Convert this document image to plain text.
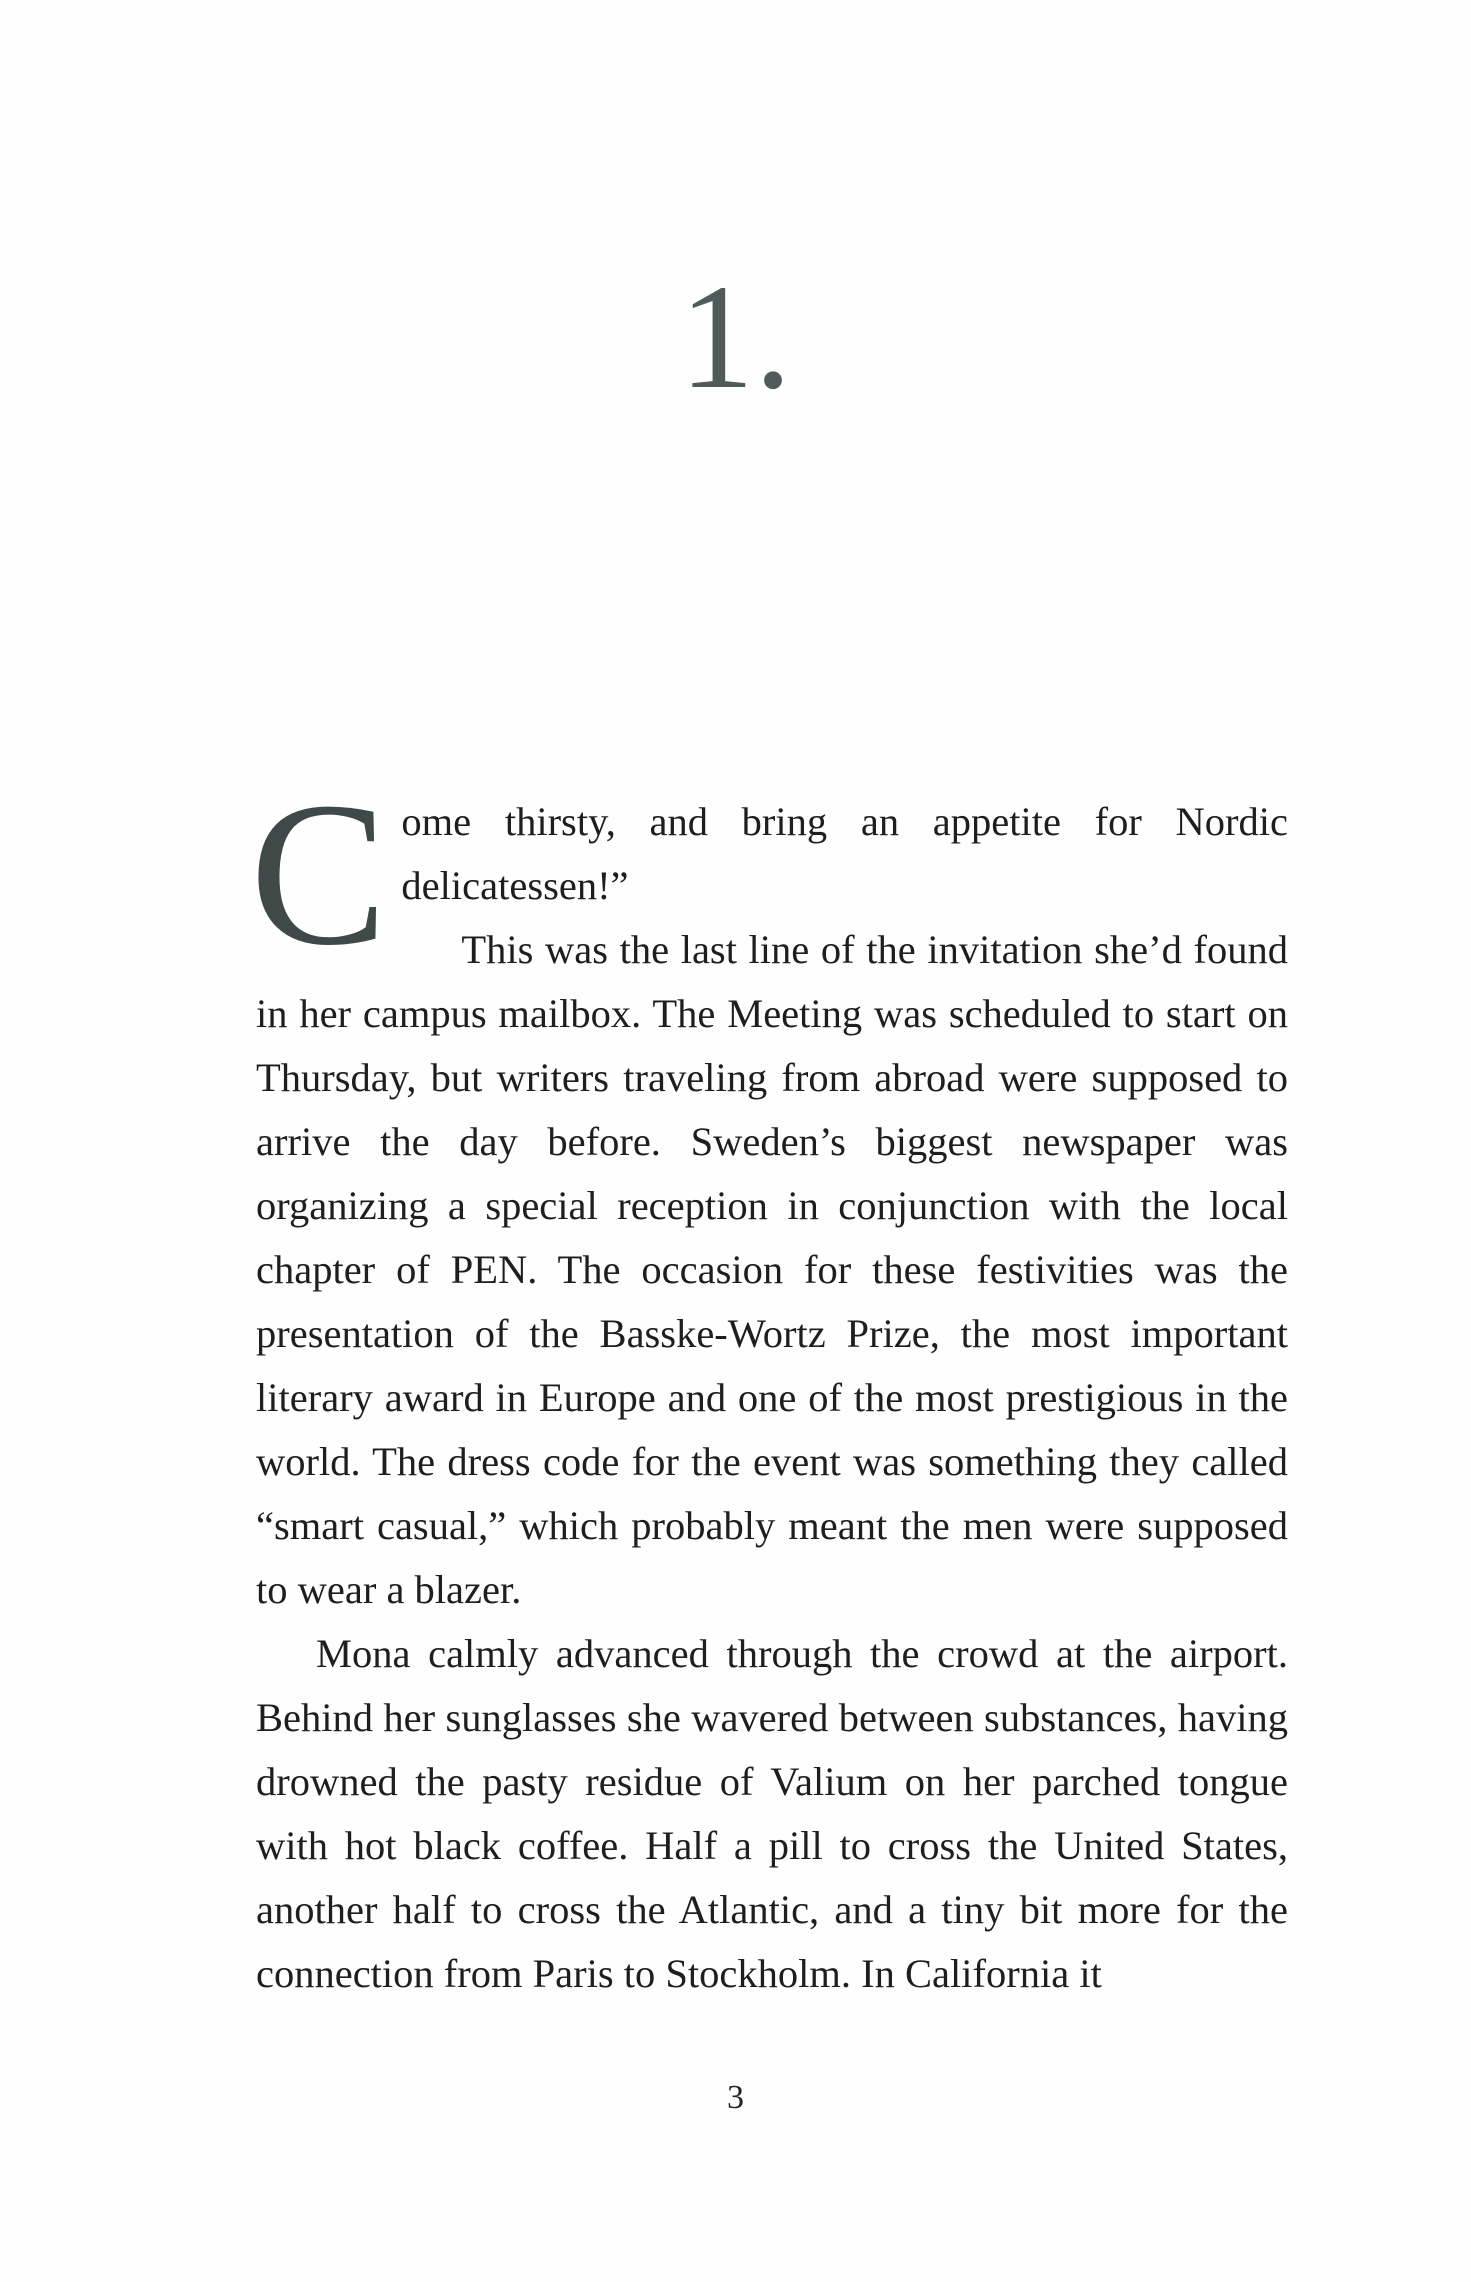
1.

Come thirsty, and bring an appetite for Nordic delicatessen!”

This was the last line of the invitation she’d found in her campus mailbox. The Meeting was scheduled to start on Thursday, but writers traveling from abroad were supposed to arrive the day before. Sweden’s biggest newspaper was organizing a special reception in conjunction with the local chapter of PEN. The occasion for these festivities was the presentation of the Basske-Wortz Prize, the most important literary award in Europe and one of the most prestigious in the world. The dress code for the event was something they called “smart casual,” which probably meant the men were supposed to wear a blazer.

Mona calmly advanced through the crowd at the airport. Behind her sunglasses she wavered between substances, having drowned the pasty residue of Valium on her parched tongue with hot black coffee. Half a pill to cross the United States, another half to cross the Atlantic, and a tiny bit more for the connection from Paris to Stockholm. In California it

3
